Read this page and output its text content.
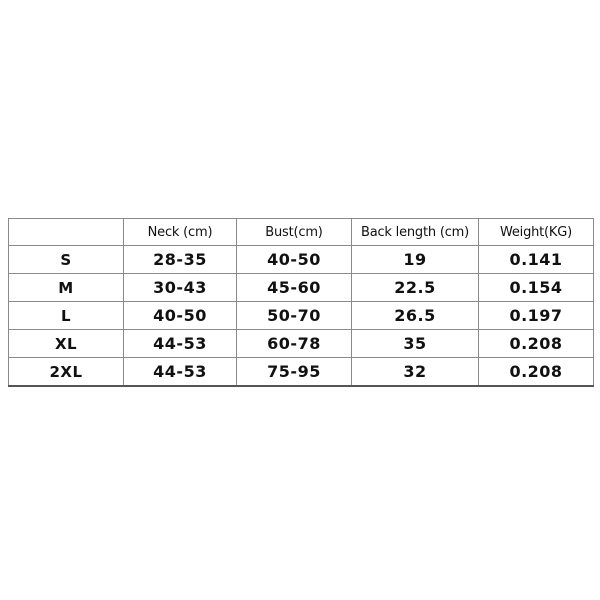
	Neck (cm)	Bust(cm)	Back length (cm)	Weight(KG)
S	28-35	40-50	19	0.141
M	30-43	45-60	22.5	0.154
L	40-50	50-70	26.5	0.197
XL	44-53	60-78	35	0.208
2XL	44-53	75-95	32	0.208
